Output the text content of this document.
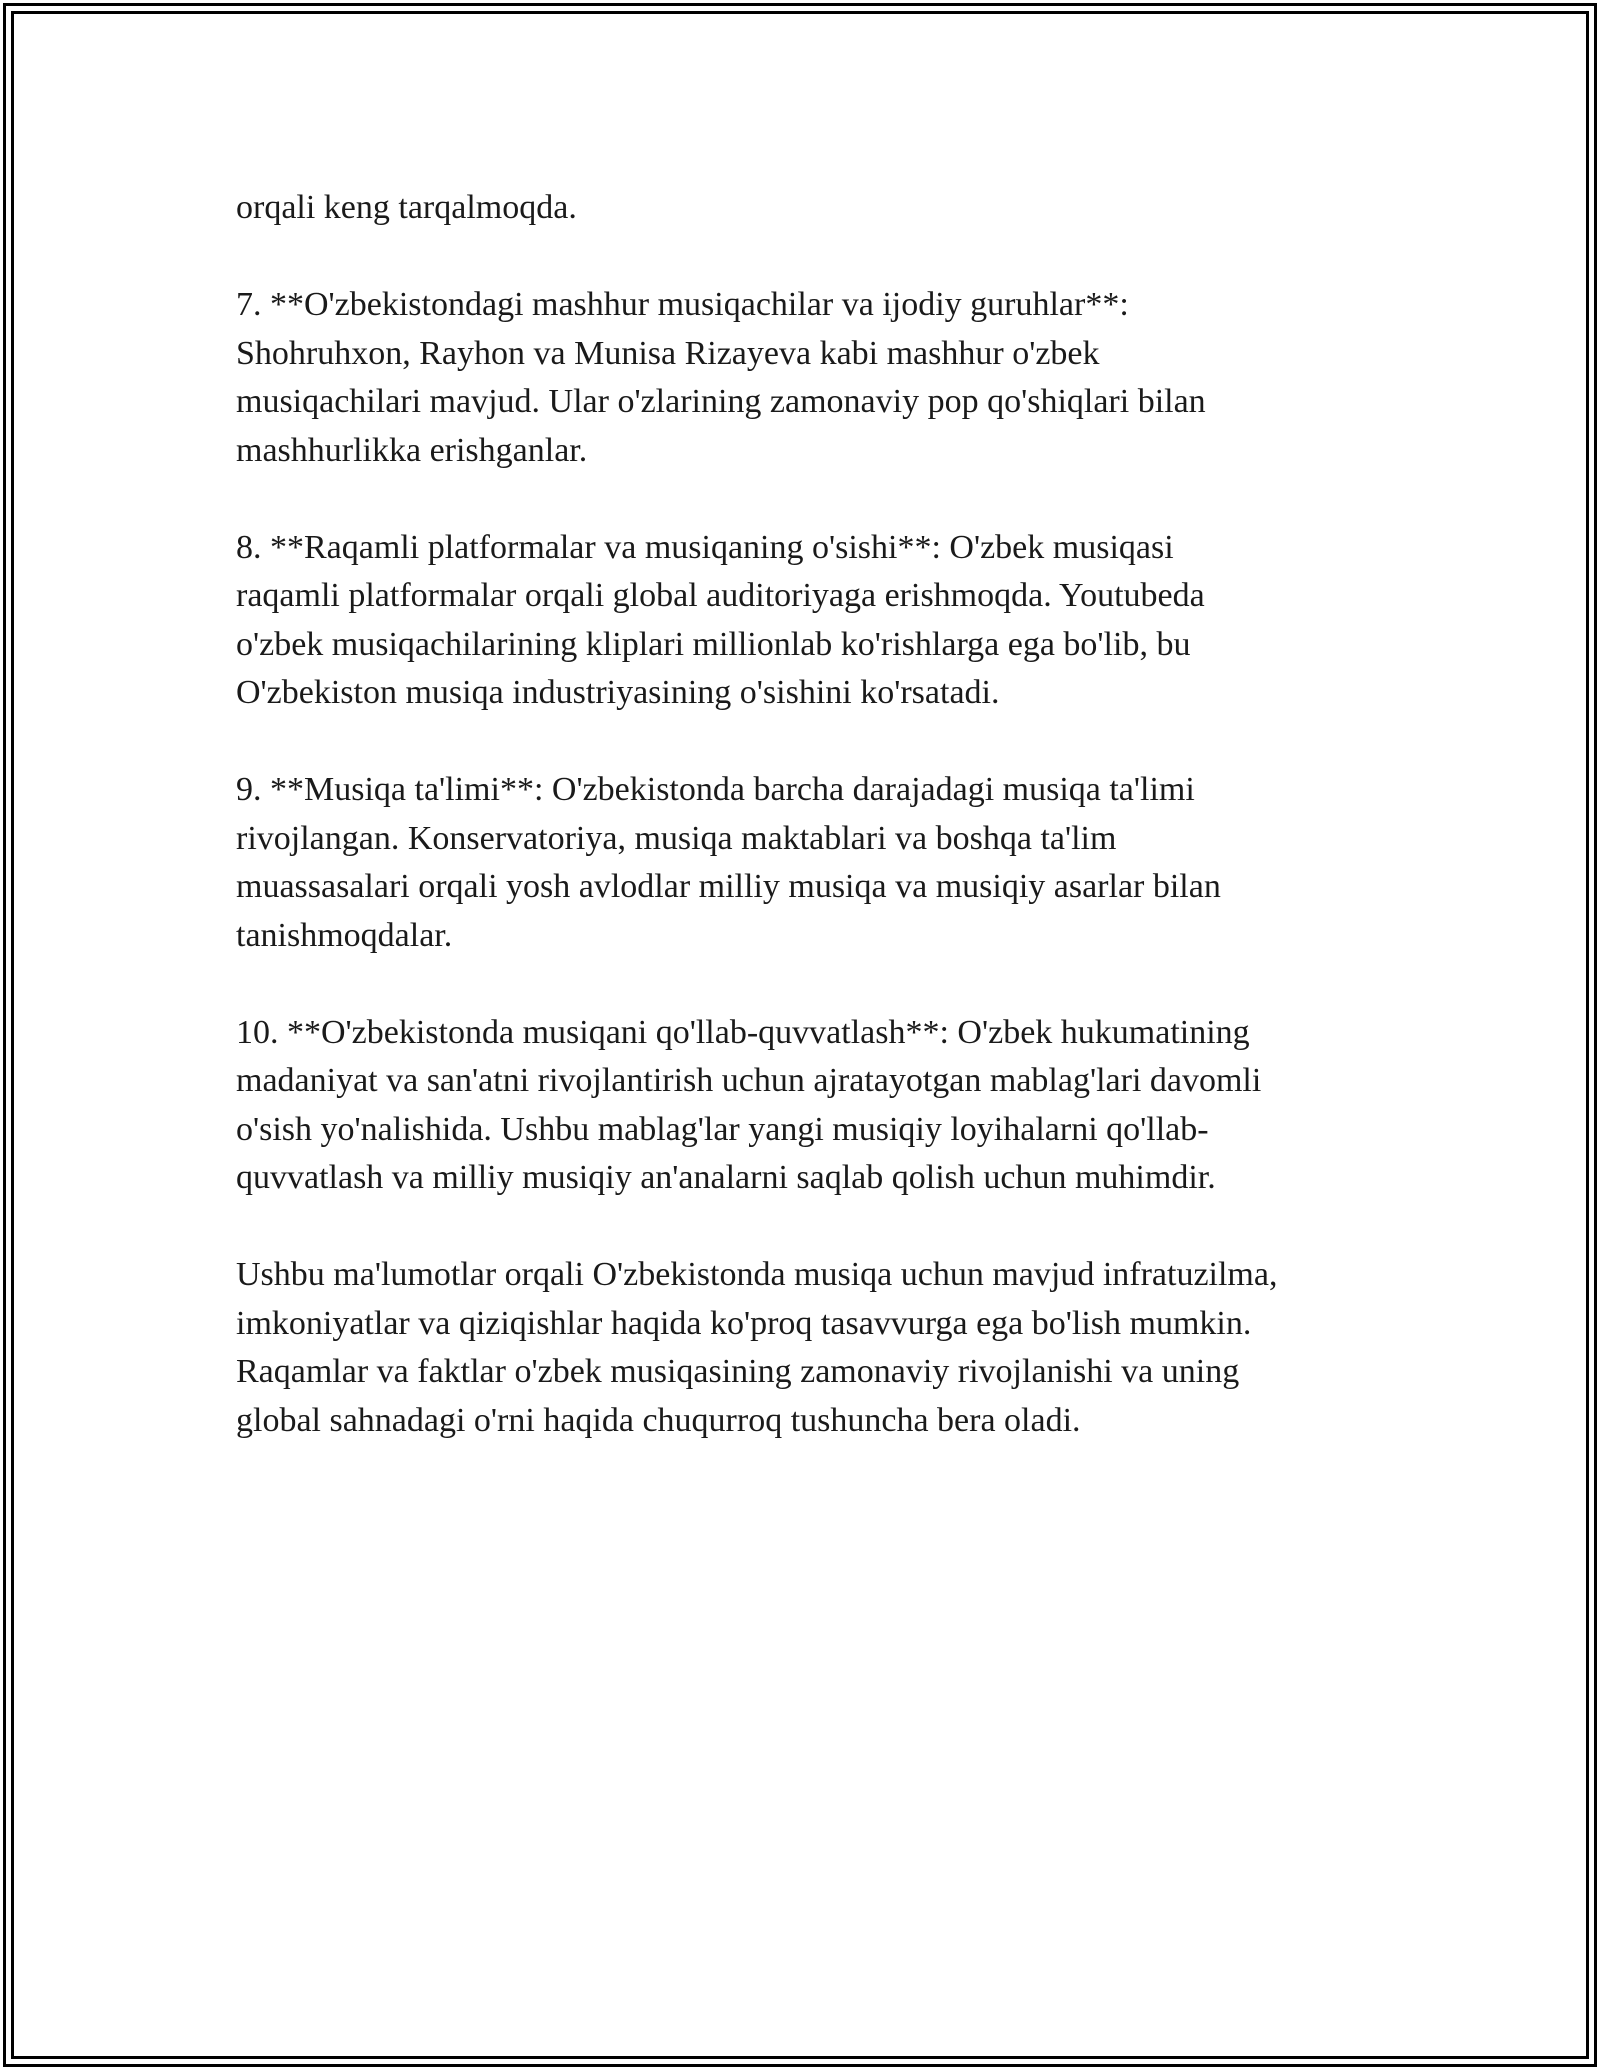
orqali keng tarqalmoqda.
7. **O'zbekistondagi mashhur musiqachilar va ijodiy guruhlar**:
Shohruhxon, Rayhon va Munisa Rizayeva kabi mashhur o'zbek
musiqachilari mavjud. Ular o'zlarining zamonaviy pop qo'shiqlari bilan
mashhurlikka erishganlar.
8. **Raqamli platformalar va musiqaning o'sishi**: O'zbek musiqasi
raqamli platformalar orqali global auditoriyaga erishmoqda. Youtubeda
o'zbek musiqachilarining kliplari millionlab ko'rishlarga ega bo'lib, bu
O'zbekiston musiqa industriyasining o'sishini ko'rsatadi.
9. **Musiqa ta'limi**: O'zbekistonda barcha darajadagi musiqa ta'limi
rivojlangan. Konservatoriya, musiqa maktablari va boshqa ta'lim
muassasalari orqali yosh avlodlar milliy musiqa va musiqiy asarlar bilan
tanishmoqdalar.
10. **O'zbekistonda musiqani qo'llab-quvvatlash**: O'zbek hukumatining
madaniyat va san'atni rivojlantirish uchun ajratayotgan mablag'lari davomli
o'sish yo'nalishida. Ushbu mablag'lar yangi musiqiy loyihalarni qo'llab-
quvvatlash va milliy musiqiy an'analarni saqlab qolish uchun muhimdir.
Ushbu ma'lumotlar orqali O'zbekistonda musiqa uchun mavjud infratuzilma,
imkoniyatlar va qiziqishlar haqida ko'proq tasavvurga ega bo'lish mumkin.
Raqamlar va faktlar o'zbek musiqasining zamonaviy rivojlanishi va uning
global sahnadagi o'rni haqida chuqurroq tushuncha bera oladi.
